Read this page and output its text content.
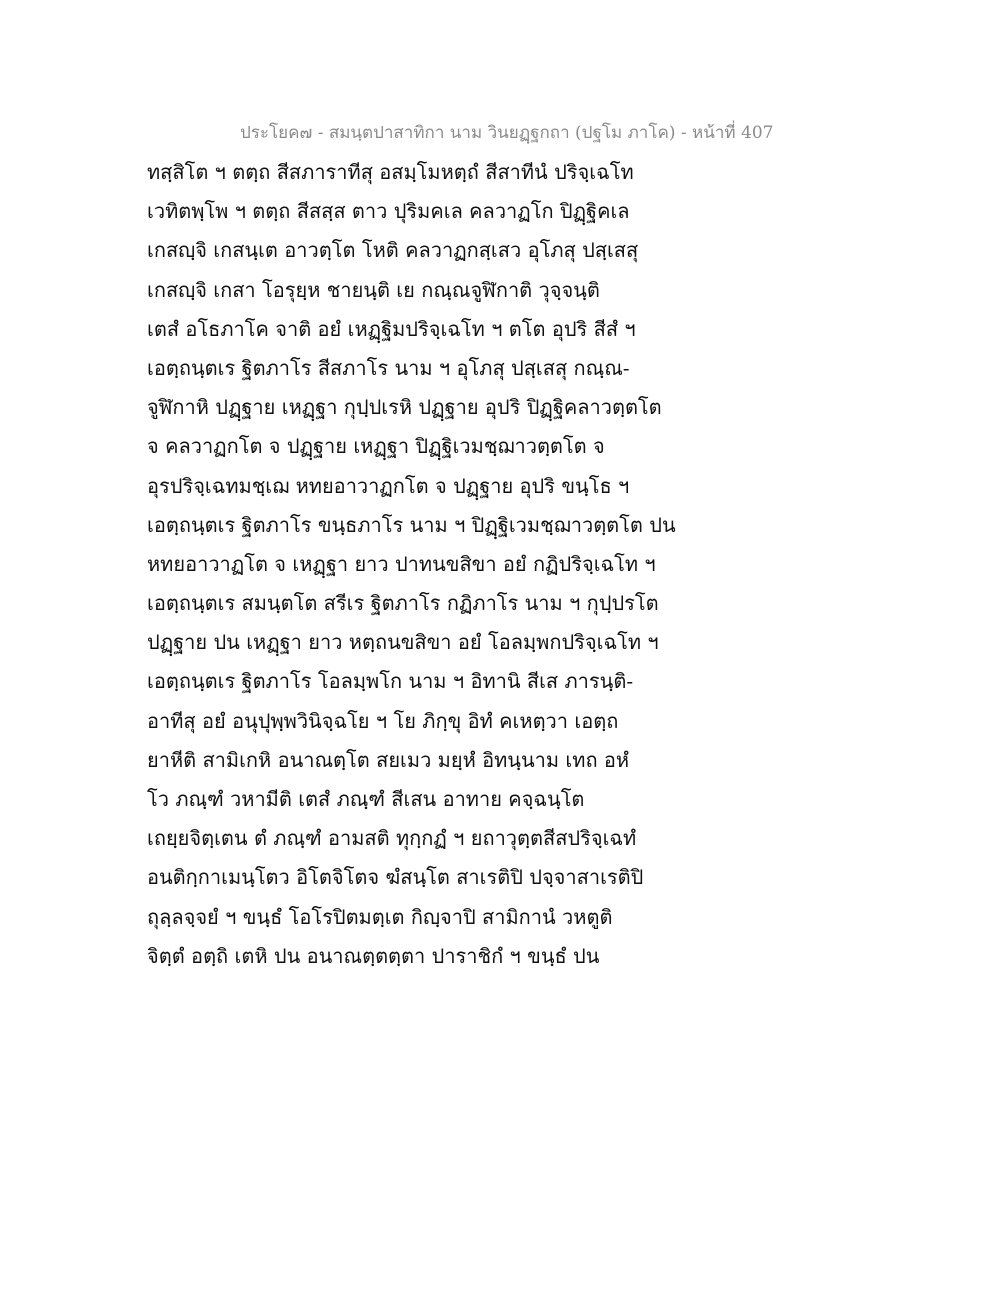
ประโยค๗ - สมนฺตปาสาทิกา นาม วินยฏฺฐกถา (ปฐโม ภาโค) - หน้าที่ 407
ทสฺสิโต ฯ ตตฺถ สีสภาราทีสุ อสมฺโมหตฺถํ สีสาทีนํ ปริจฺเฉโท
เวทิตพฺโพ ฯ ตตฺถ สีสสฺส ตาว ปุริมคเล คลวาฏโก ปิฏฺฐิคเล
เกสญฺจิ เกสนฺเต อาวตฺโต โหติ คลวาฏกสฺเสว อุโภสุ ปสฺเสสุ
เกสญฺจิ เกสา โอรุยฺห ชายนฺติ เย กณฺณจูฬิกาติ วุจฺจนฺติ
เตสํ อโธภาโค จาติ อยํ เหฏฺฐิมปริจฺเฉโท ฯ ตโต อุปริ สีสํ ฯ
เอตฺถนฺตเร ฐิตภาโร สีสภาโร นาม ฯ อุโภสุ ปสฺเสสุ กณฺณ-
จูฬิกาหิ ปฏฺฐาย เหฏฺฐา กุปฺปเรหิ ปฏฺฐาย อุปริ ปิฏฺฐิคลาวตฺตโต
จ คลวาฏกโต จ ปฏฺฐาย เหฏฺฐา ปิฏฺฐิเวมชฺฌาวตฺตโต จ
อุรปริจฺเฉทมชฺเฌ หทยอาวาฏกโต จ ปฏฺฐาย อุปริ ขนฺโธ ฯ
เอตฺถนฺตเร ฐิตภาโร ขนฺธภาโร นาม ฯ ปิฏฺฐิเวมชฺฌาวตฺตโต ปน
หทยอาวาฏโต จ เหฏฺฐา ยาว ปาทนขสิขา อยํ กฏิปริจฺเฉโท ฯ
เอตฺถนฺตเร สมนฺตโต สรีเร ฐิตภาโร กฏิภาโร นาม ฯ กุปฺปรโต
ปฏฺฐาย ปน เหฏฺฐา ยาว หตฺถนขสิขา อยํ โอลมฺพกปริจฺเฉโท ฯ
เอตฺถนฺตเร ฐิตภาโร โอลมฺพโก นาม ฯ อิทานิ สีเส ภารนฺติ-
อาทีสุ อยํ อนุปุพฺพวินิจฺฉโย ฯ โย ภิกฺขุ อิทํ คเหตฺวา เอตฺถ
ยาหีติ สามิเกหิ อนาณตฺโต สยเมว มยฺหํ อิทนฺนาม เทถ อหํ
โว ภณฺฑํ วหามีติ เตสํ ภณฺฑํ สีเสน อาทาย คจฺฉนฺโต
เถยฺยจิตฺเตน ตํ ภณฺฑํ อามสติ ทุกฺกฏํ ฯ ยถาวุตฺตสีสปริจฺเฉทํ
อนติกฺกาเมนฺโตว อิโตจิโตจ ฆํสนฺโต สาเรติปิ ปจฺจาสาเรติปิ
ถุลฺลจฺจยํ ฯ ขนฺธํ โอโรปิตมตฺเต กิญฺจาปิ สามิกานํ วหตูติ
จิตฺตํ อตฺถิ เตหิ ปน อนาณตฺตตฺตา ปาราชิกํ ฯ ขนฺธํ ปน
